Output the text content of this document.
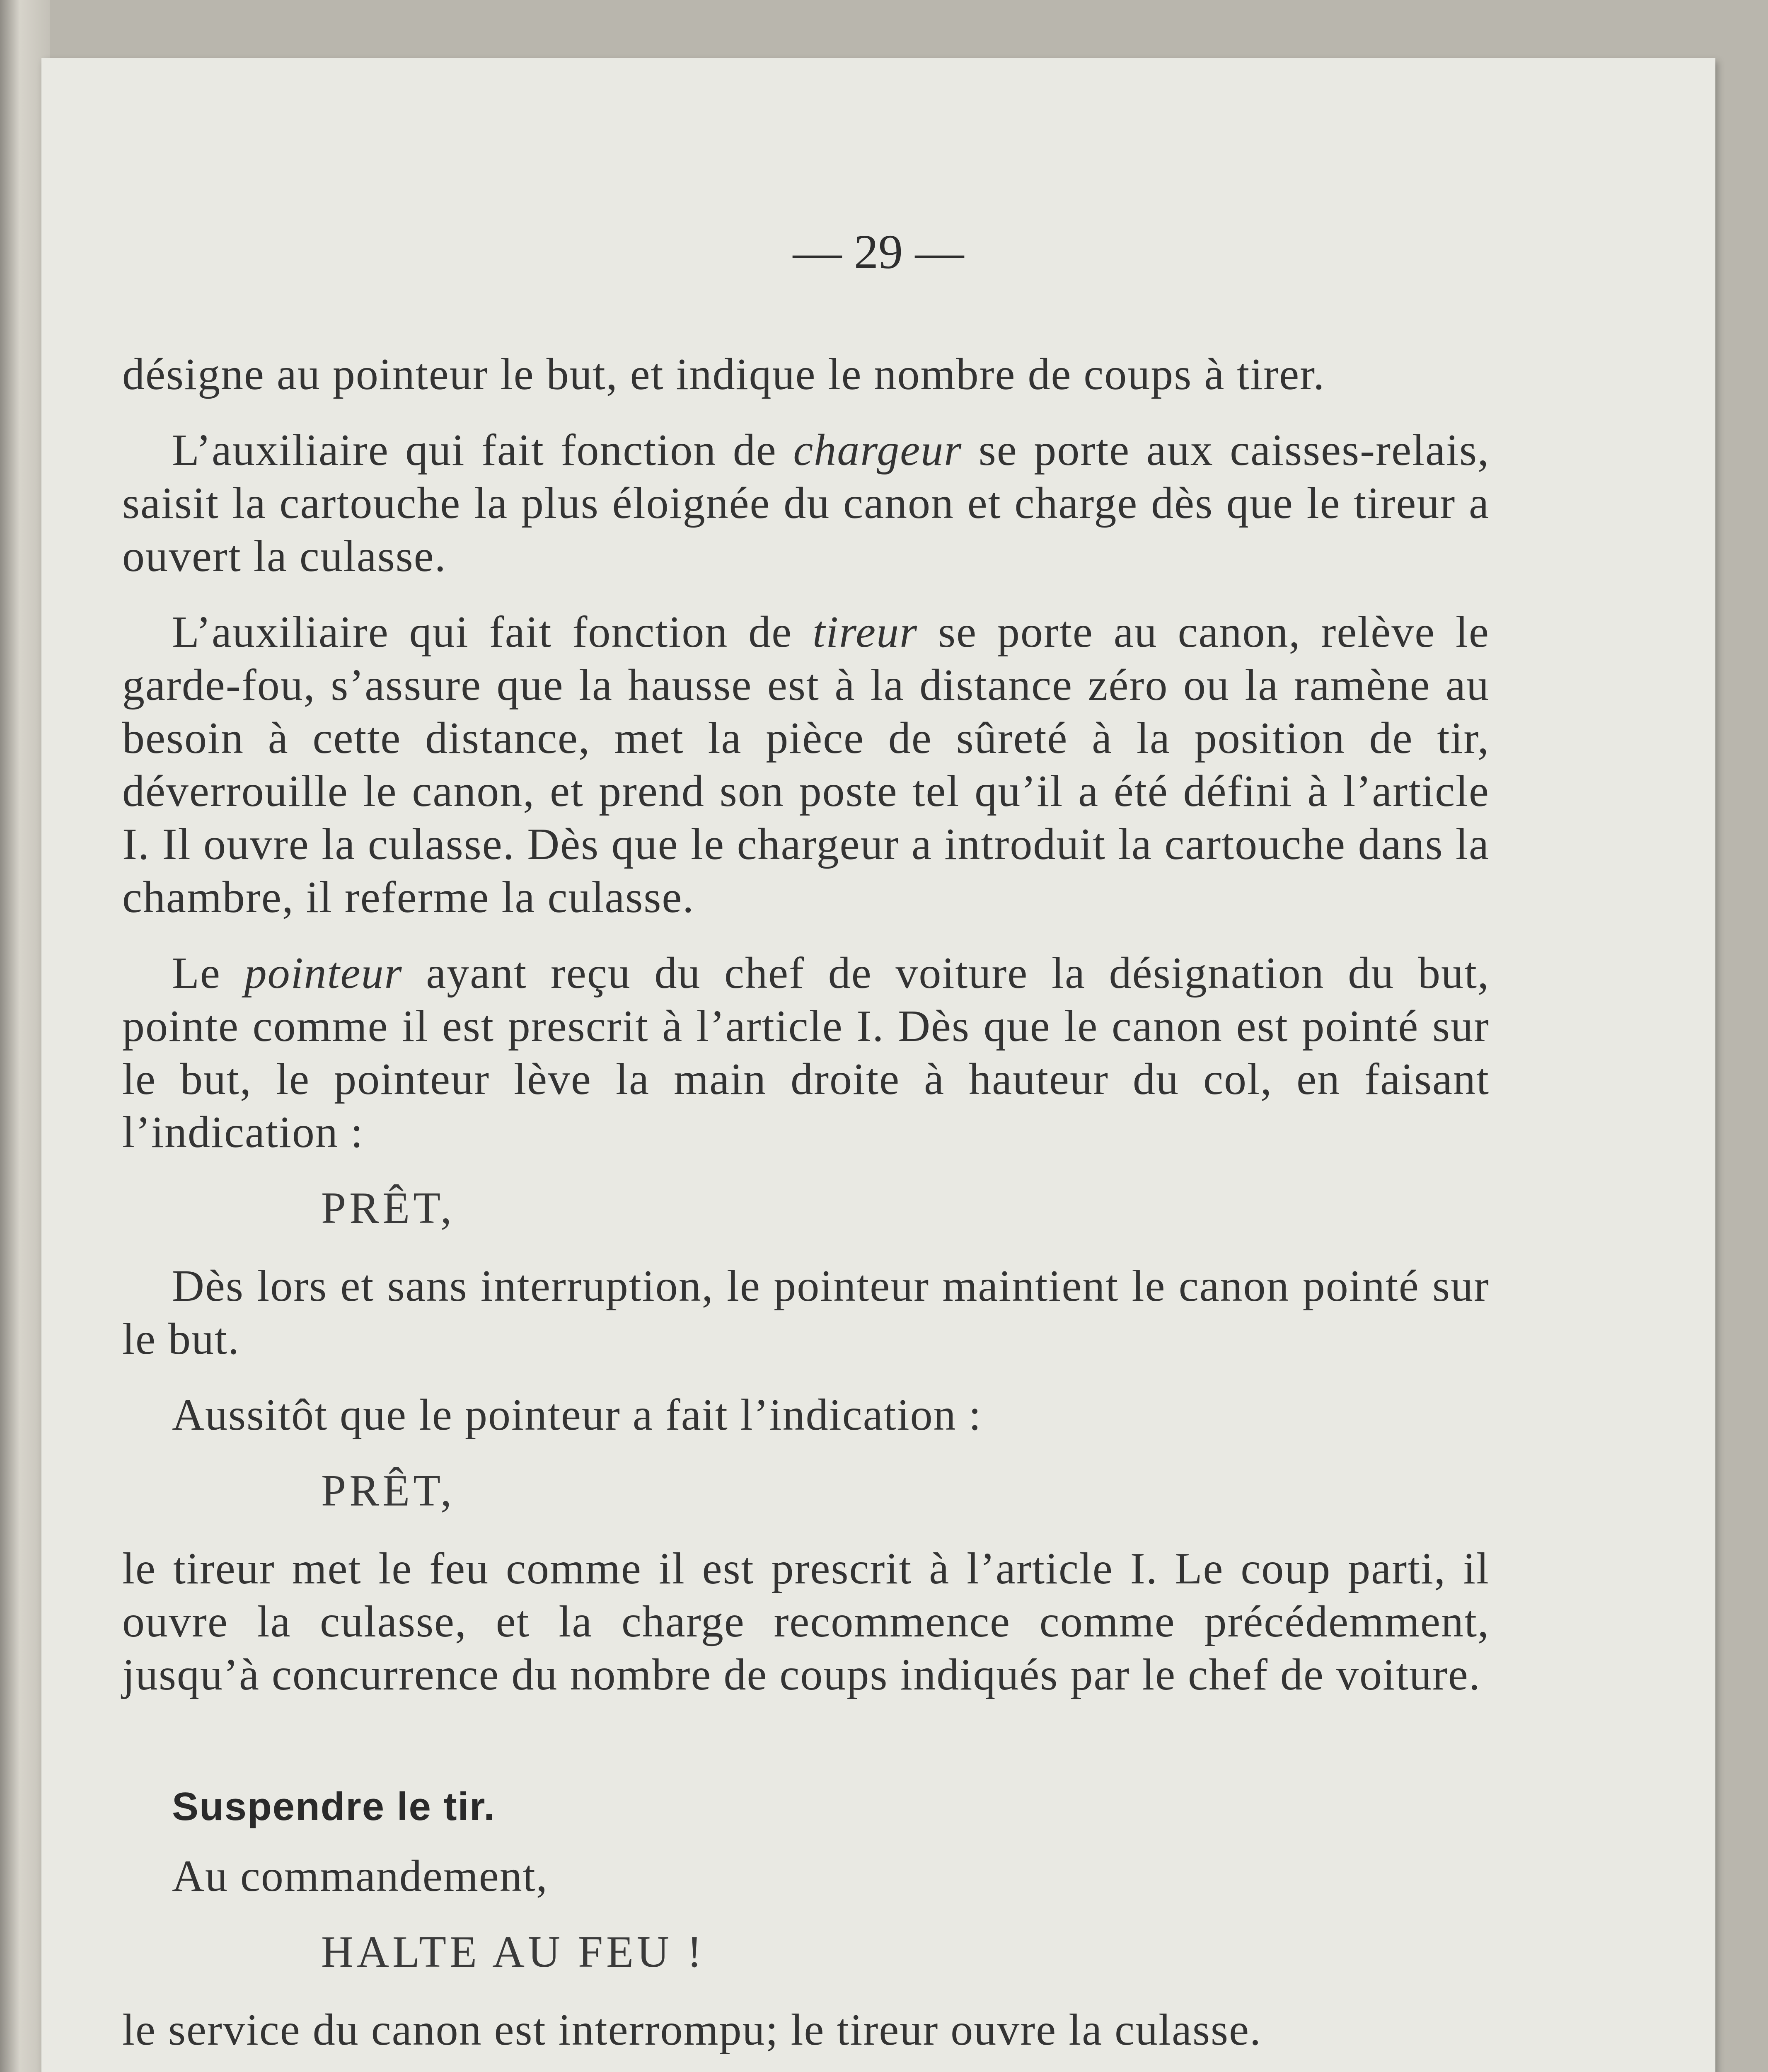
— 29 —

désigne au pointeur le but, et indique le nombre de coups à tirer.

L’auxiliaire qui fait fonction de chargeur se porte aux caisses-relais, saisit la cartouche la plus éloignée du canon et charge dès que le tireur a ouvert la culasse.

L’auxiliaire qui fait fonction de tireur se porte au canon, relève le garde-fou, s’assure que la hausse est à la distance zéro ou la ramène au besoin à cette distance, met la pièce de sûreté à la position de tir, déverrouille le canon, et prend son poste tel qu’il a été défini à l’article I. Il ouvre la culasse. Dès que le chargeur a introduit la cartouche dans la chambre, il referme la culasse.

Le pointeur ayant reçu du chef de voiture la désignation du but, pointe comme il est prescrit à l’article I. Dès que le canon est pointé sur le but, le pointeur lève la main droite à hauteur du col, en faisant l’indication :

PRÊT,

Dès lors et sans interruption, le pointeur maintient le canon pointé sur le but.

Aussitôt que le pointeur a fait l’indication :

PRÊT,

le tireur met le feu comme il est prescrit à l’article I. Le coup parti, il ouvre la culasse, et la charge recommence comme précédemment, jusqu’à concurrence du nombre de coups indiqués par le chef de voiture.

Suspendre le tir.

Au commandement,

HALTE AU FEU !

le service du canon est interrompu; le tireur ouvre la culasse.
